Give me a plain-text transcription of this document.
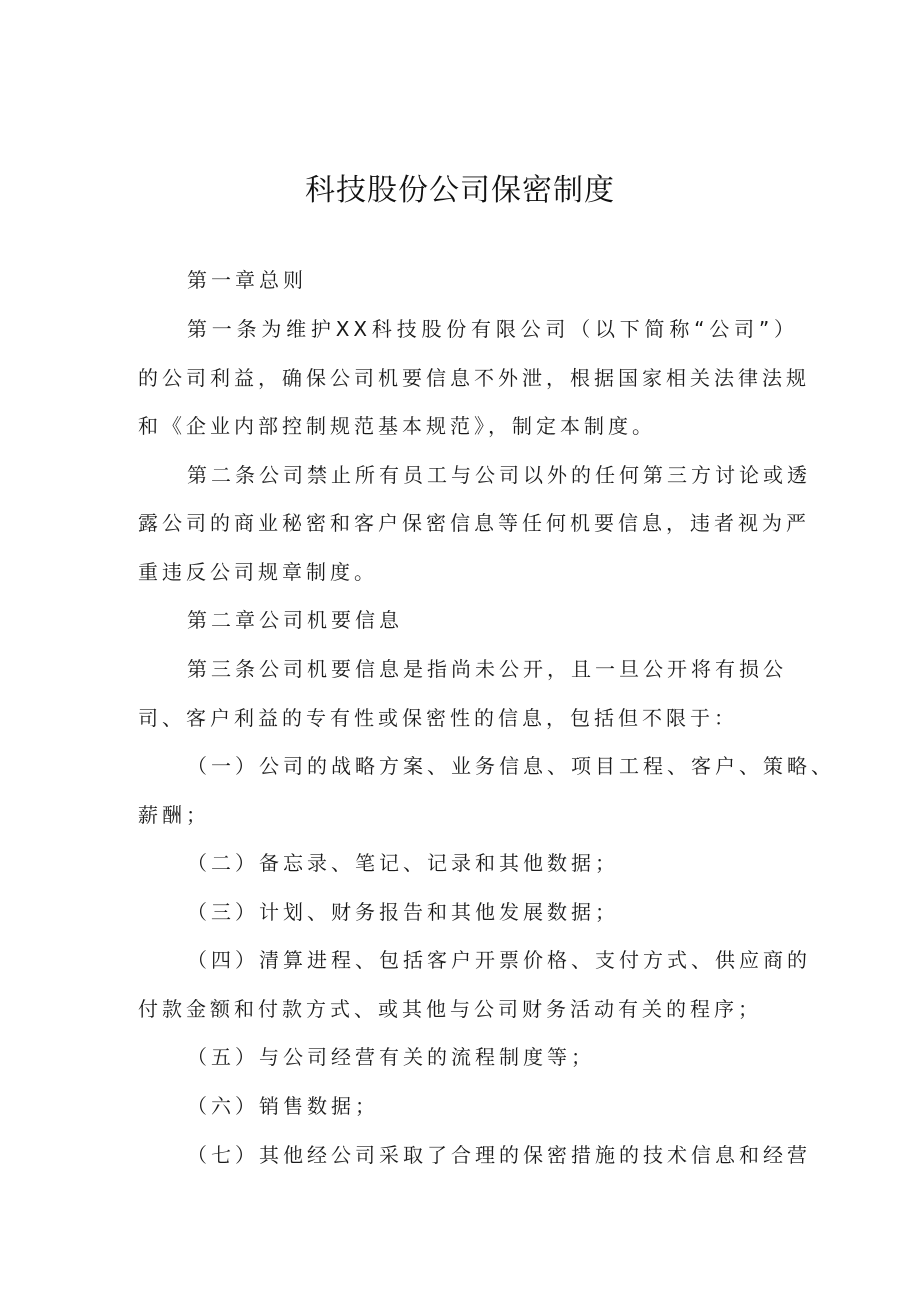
科技股份公司保密制度

第一章总则

第一条为维护XX科技股份有限公司（以下简称“公司”）

的公司利益，确保公司机要信息不外泄，根据国家相关法律法规

和《企业内部控制规范基本规范》，制定本制度。

第二条公司禁止所有员工与公司以外的任何第三方讨论或透

露公司的商业秘密和客户保密信息等任何机要信息，违者视为严

重违反公司规章制度。

第二章公司机要信息

第三条公司机要信息是指尚未公开，且一旦公开将有损公

司、客户利益的专有性或保密性的信息，包括但不限于：

（一）公司的战略方案、业务信息、项目工程、客户、策略、

薪酬；

（二）备忘录、笔记、记录和其他数据；

（三）计划、财务报告和其他发展数据；

（四）清算进程、包括客户开票价格、支付方式、供应商的

付款金额和付款方式、或其他与公司财务活动有关的程序；

（五）与公司经营有关的流程制度等；

（六）销售数据；

（七）其他经公司采取了合理的保密措施的技术信息和经营
